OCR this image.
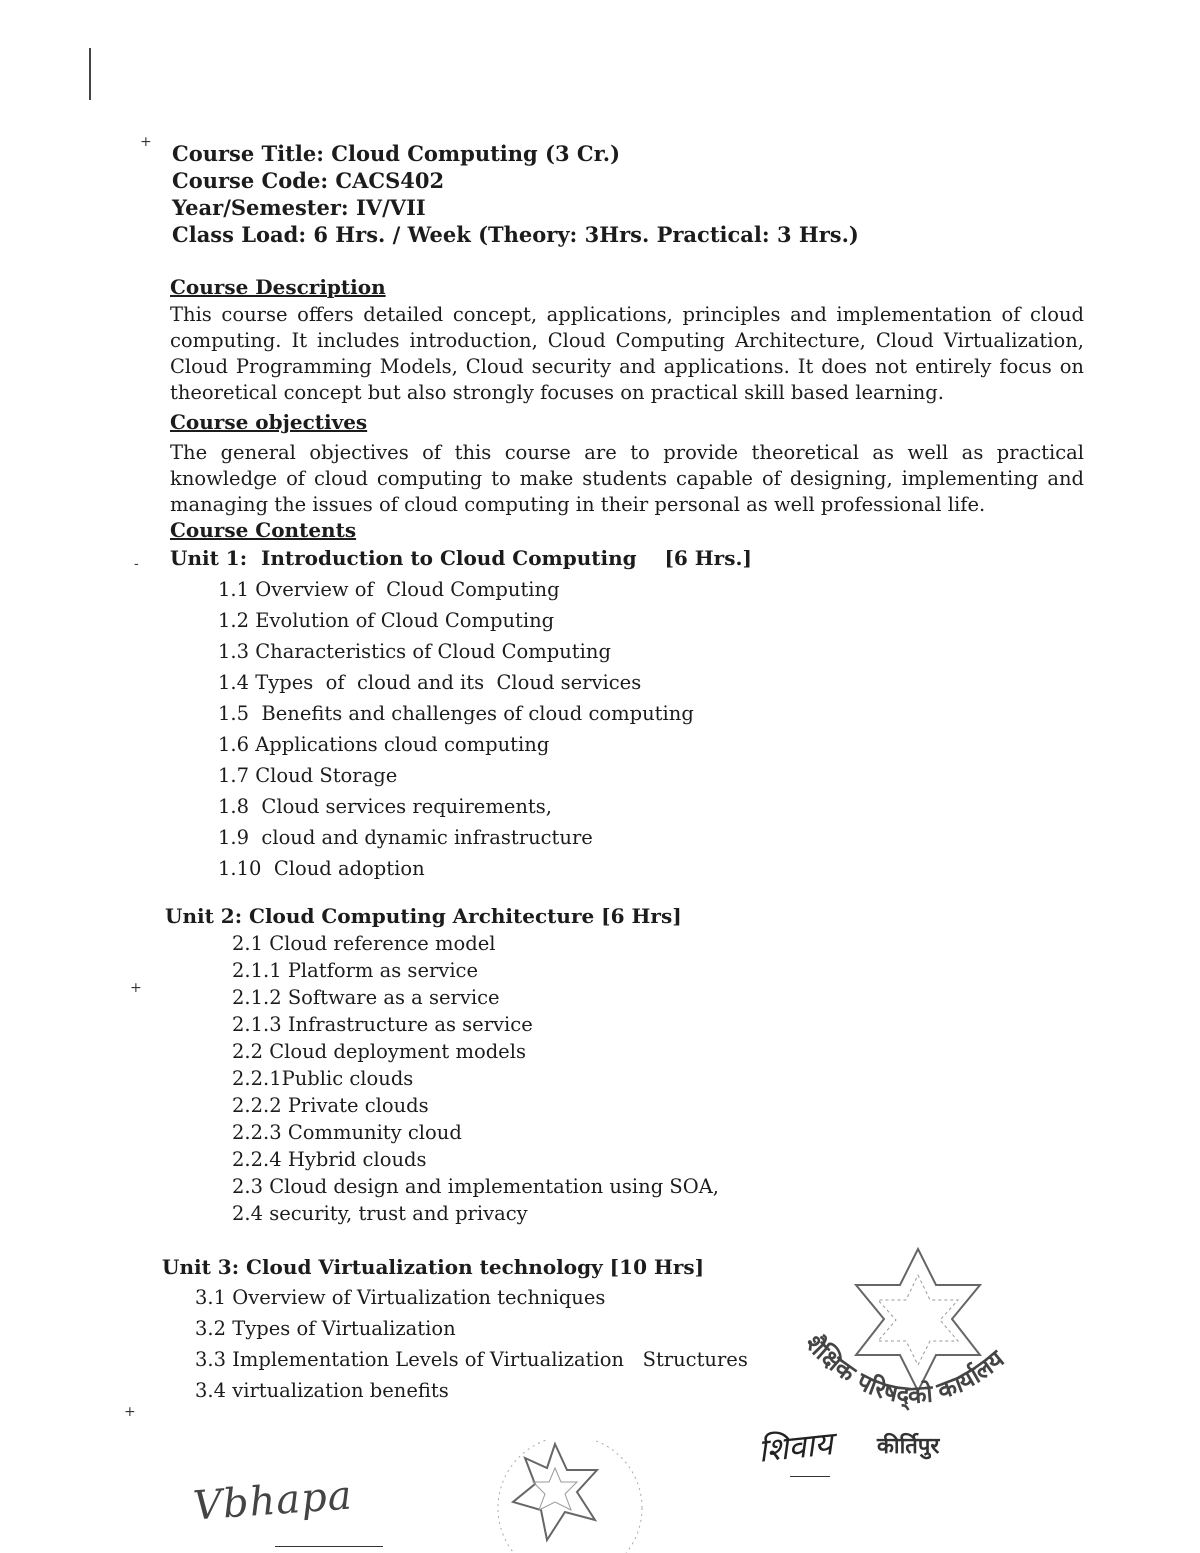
+
-
+
+
Course Title: Cloud Computing (3 Cr.)
Course Code: CACS402
Year/Semester: IV/VII
Class Load: 6 Hrs. / Week (Theory: 3Hrs. Practical: 3 Hrs.)
Course Description

This course offers detailed concept, applications, principles and implementation of cloud computing. It includes introduction, Cloud Computing Architecture, Cloud Virtualization, Cloud Programming Models, Cloud security and applications. It does not entirely focus on theoretical concept but also strongly focuses on practical skill based learning.

Course objectives

The general objectives of this course are to provide theoretical as well as practical knowledge of cloud computing to make students capable of designing, implementing and managing the issues of cloud computing in their personal as well professional life.

Course Contents
Unit 1:  Introduction to Cloud Computing    [6 Hrs.]
1.1 Overview of  Cloud Computing
1.2 Evolution of Cloud Computing
1.3 Characteristics of Cloud Computing
1.4 Types  of  cloud and its  Cloud services
1.5  Benefits and challenges of cloud computing
1.6 Applications cloud computing
1.7 Cloud Storage
1.8  Cloud services requirements,
1.9  cloud and dynamic infrastructure
1.10  Cloud adoption
Unit 2: Cloud Computing Architecture [6 Hrs]
2.1 Cloud reference model
2.1.1 Platform as service
2.1.2 Software as a service
2.1.3 Infrastructure as service
2.2 Cloud deployment models
2.2.1Public clouds
2.2.2 Private clouds
2.2.3 Community cloud
2.2.4 Hybrid clouds
2.3 Cloud design and implementation using SOA,
2.4 security, trust and privacy
Unit 3: Cloud Virtualization technology [10 Hrs]
3.1 Overview of Virtualization techniques
3.2 Types of Virtualization
3.3 Implementation Levels of Virtualization   Structures
3.4 virtualization benefits
शैक्षिक परिषद्को कार्यालय
कीर्तिपुर
शिवाय
Vbhapa
